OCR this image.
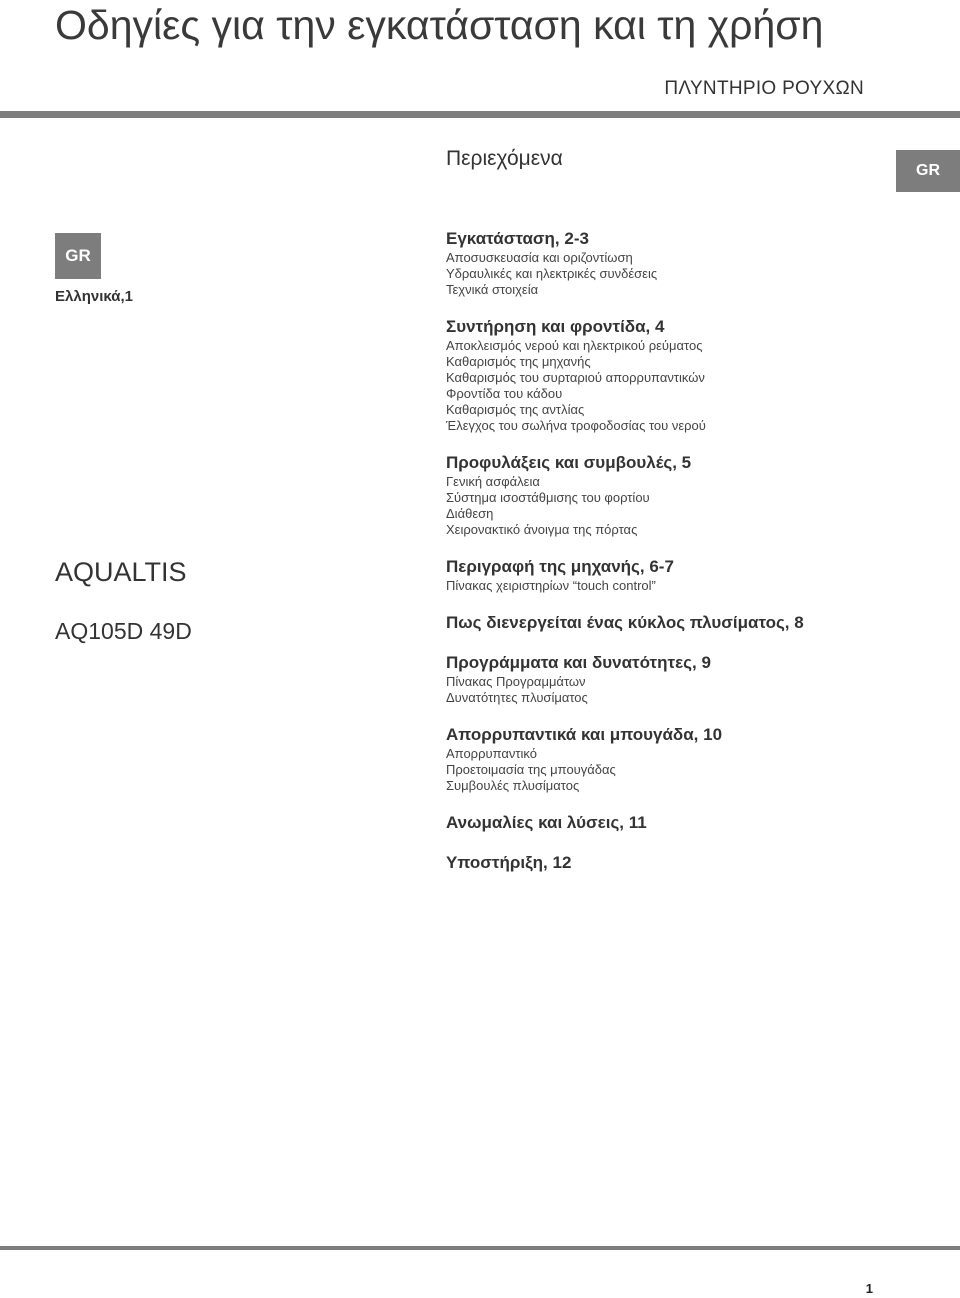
Οδηγίες για την εγκατάσταση και τη χρήση
ΠΛΥΝΤΗΡΙΟ ΡΟΥΧΩΝ
Περιεχόμενα
GR
GR
Ελληνικά,1
AQUALTIS
AQ105D 49D
Εγκατάσταση, 2-3
Αποσυσκευασία και οριζοντίωση
Υδραυλικές και ηλεκτρικές συνδέσεις
Τεχνικά στοιχεία
Συντήρηση και φροντίδα, 4
Αποκλεισμός νερού και ηλεκτρικού ρεύματος
Καθαρισμός της μηχανής
Καθαρισμός του συρταριού απορρυπαντικών
Φροντίδα του κάδου
Καθαρισμός της αντλίας
Έλεγχος του σωλήνα τροφοδοσίας του νερού
Προφυλάξεις και συμβουλές, 5
Γενική ασφάλεια
Σύστημα ισοστάθμισης του φορτίου
Διάθεση
Χειρονακτικό άνοιγμα της πόρτας
Περιγραφή της μηχανής, 6-7
Πίνακας χειριστηρίων “touch control”
Πως διενεργείται ένας κύκλος πλυσίματος, 8
Προγράμματα και δυνατότητες, 9
Πίνακας Προγραμμάτων
Δυνατότητες πλυσίματος
Απορρυπαντικά και μπουγάδα, 10
Απορρυπαντικό
Προετοιμασία της μπουγάδας
Συμβουλές πλυσίματος
Ανωμαλίες και λύσεις, 11
Υποστήριξη, 12
1
